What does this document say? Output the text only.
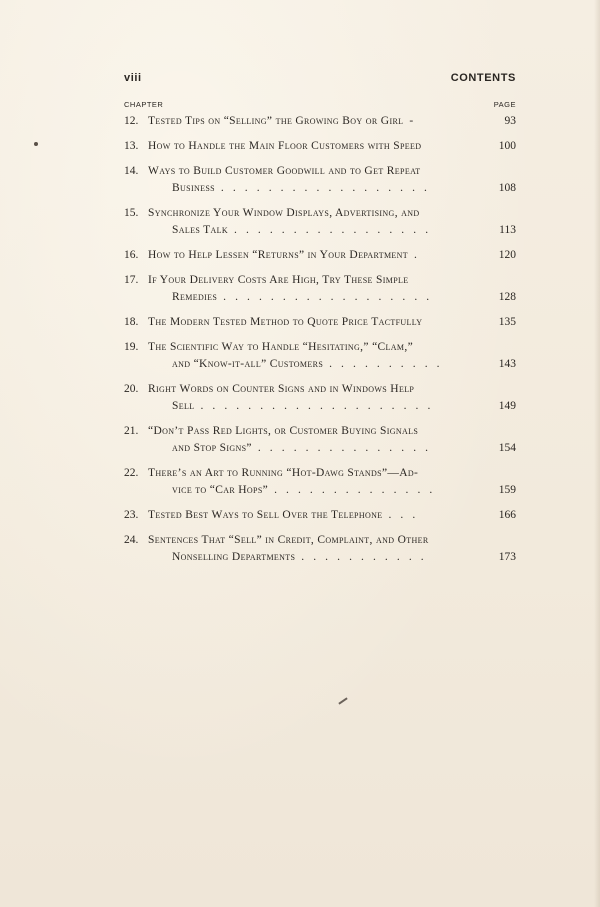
viii	CONTENTS
CHAPTER	PAGE
12. Tested Tips on “Selling” the Growing Boy or Girl -	93
13. How to Handle the Main Floor Customers with Speed	100
14. Ways to Build Customer Goodwill and to Get Repeat
Business . . . . . . . . . . . . . . . . . .	108
15. Synchronize Your Window Displays, Advertising, and
Sales Talk . . . . . . . . . . . . . . . . .	113
16. How to Help Lessen “Returns” in Your Department .	120
17. If Your Delivery Costs Are High, Try These Simple
Remedies . . . . . . . . . . . . . . . . . .	128
18. The Modern Tested Method to Quote Price Tactfully	135
19. The Scientific Way to Handle “Hesitating,” “Clam,”
and “Know-it-all” Customers . . . . . . . . . .	143
20. Right Words on Counter Signs and in Windows Help
Sell . . . . . . . . . . . . . . . . . . . .	149
21. “Don’t Pass Red Lights, or Customer Buying Signals
and Stop Signs” . . . . . . . . . . . . . . .	154
22. There’s an Art to Running “Hot-Dawg Stands”—Ad-
vice to “Car Hops” . . . . . . . . . . . . . .	159
23. Tested Best Ways to Sell Over the Telephone . . .	166
24. Sentences That “Sell” in Credit, Complaint, and Other
Nonselling Departments . . . . . . . . . . .	173
